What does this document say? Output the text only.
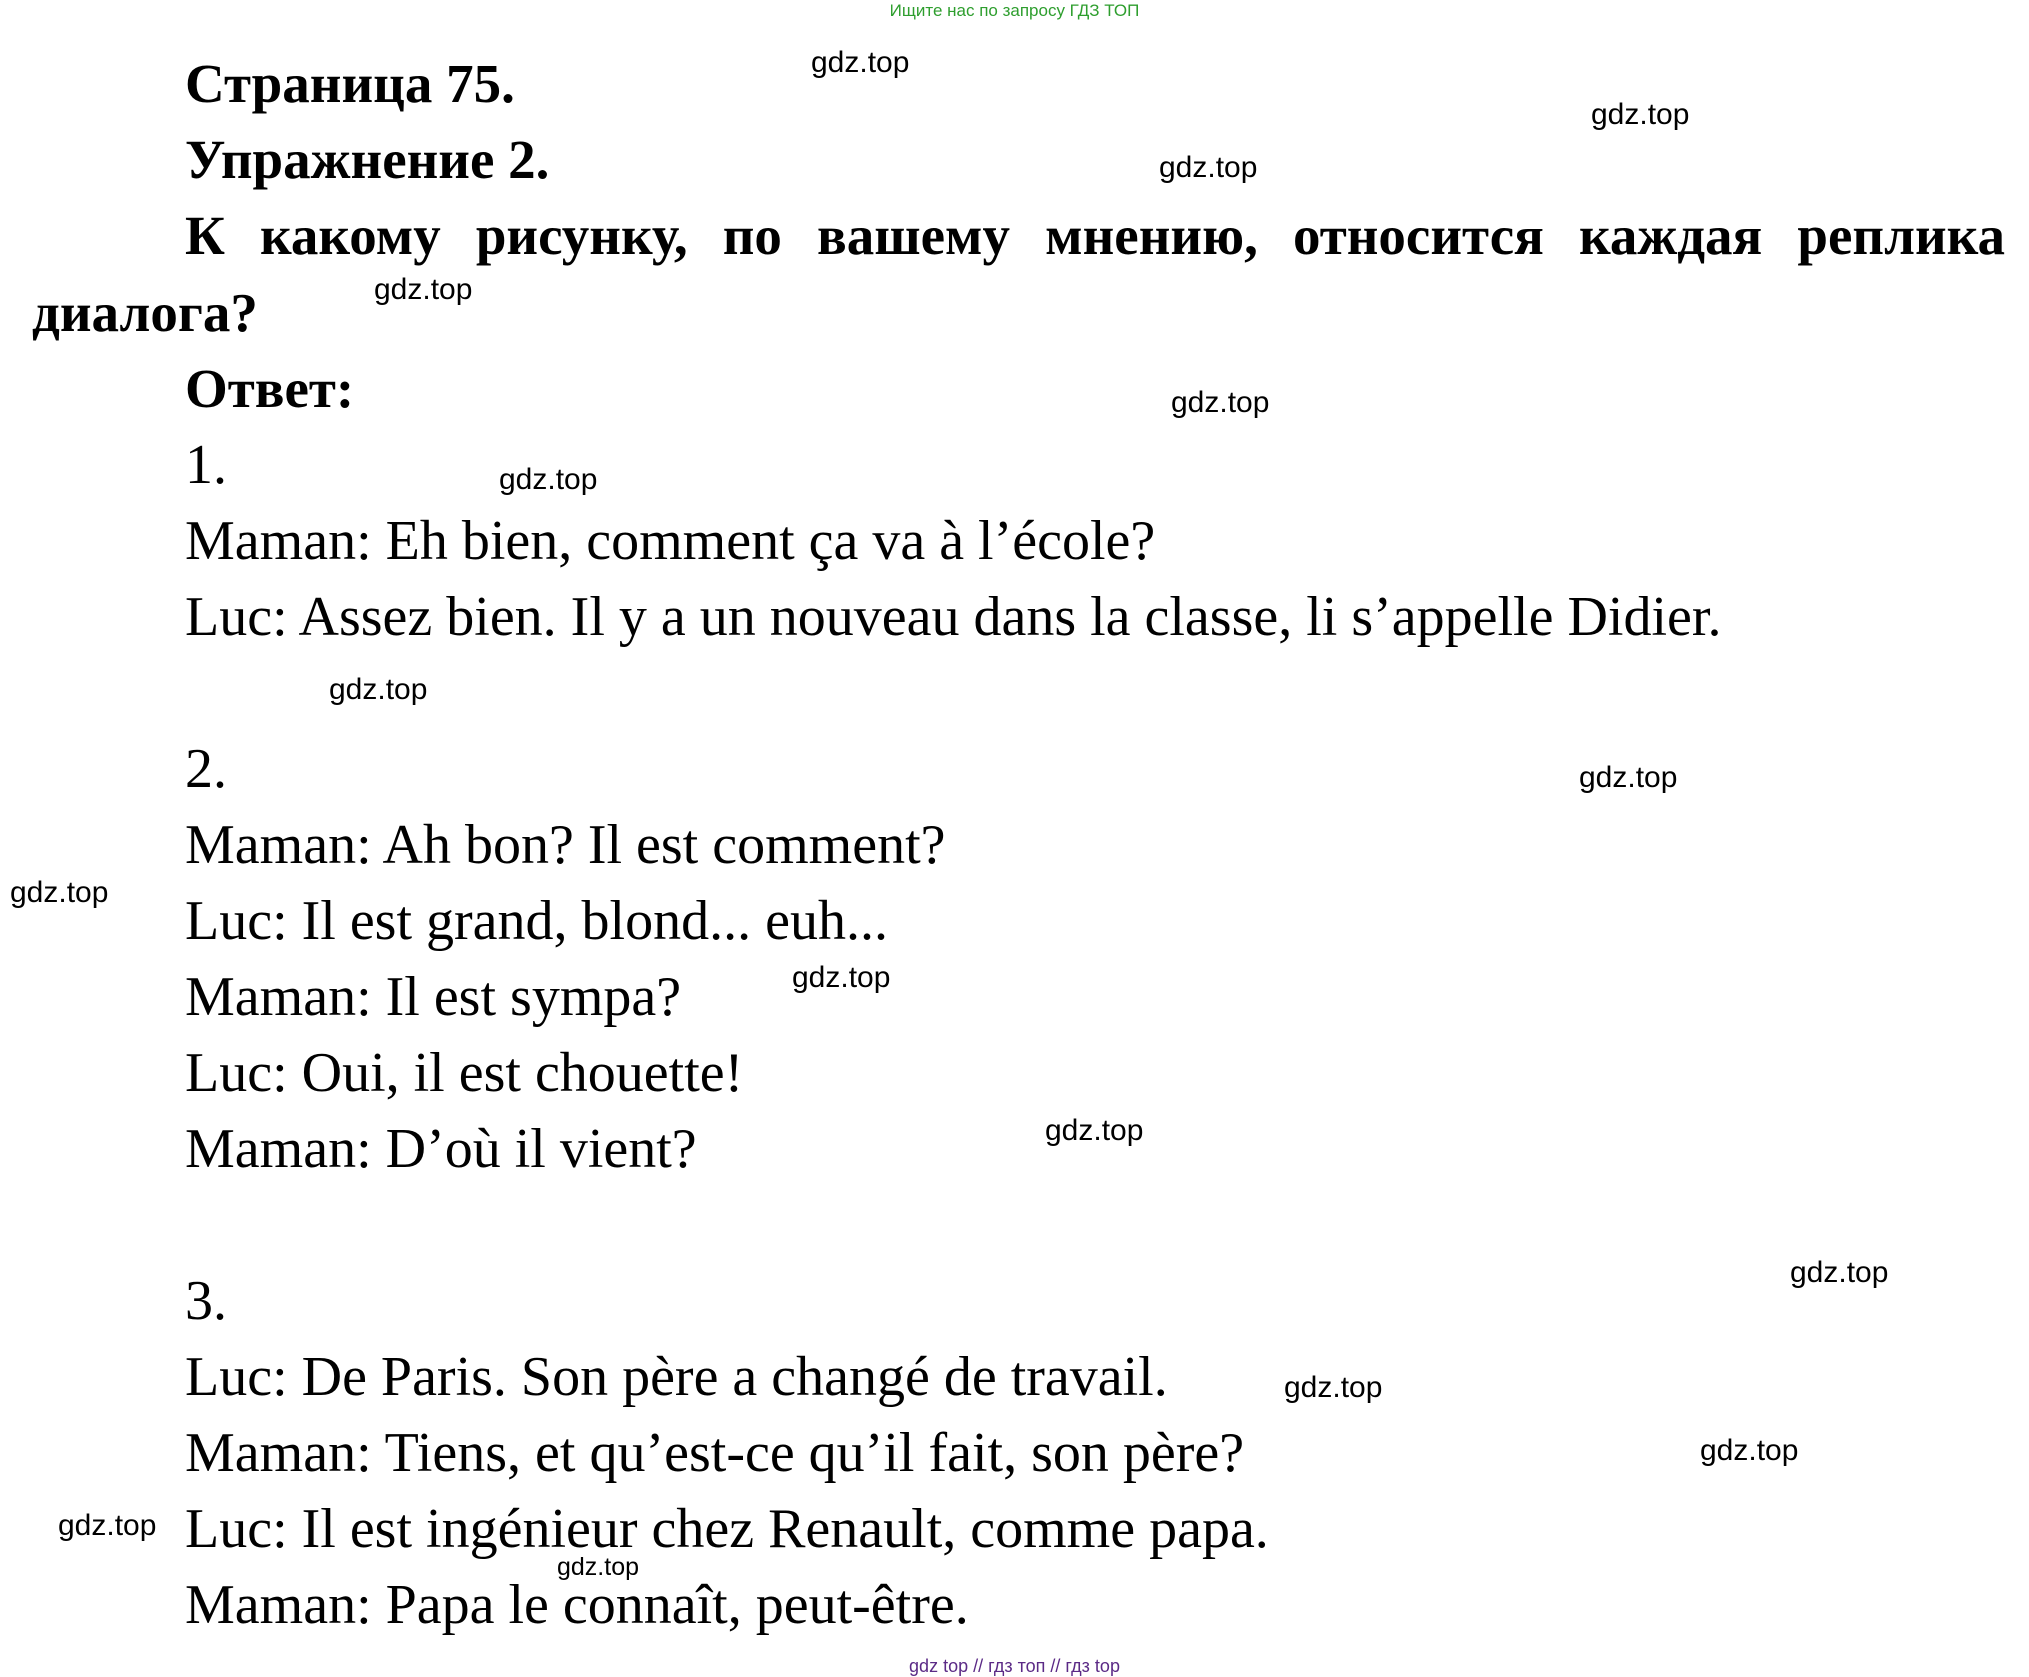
Ищите нас по запросу ГДЗ ТОП
Страница 75.
Упражнение 2.
К какому рисунку, по вашему мнению, относится каждая реплика
диалога?
Ответ:
1.
Maman: Eh bien, comment ça va à l’école?
Luc: Assez bien. Il y a un nouveau dans la classe, li s’appelle Didier.
2.
Maman: Ah bon? Il est comment?
Luc: Il est grand, blond... euh...
Maman: Il est sympa?
Luc: Oui, il est chouette!
Maman: D’où il vient?
3.
Luc: De Paris. Son père a changé de travail.
Maman: Tiens, et qu’est-ce qu’il fait, son père?
Luc: Il est ingénieur chez Renault, comme papa.
Maman: Papa le connaît, peut-être.
gdz.top
gdz.top
gdz.top
gdz.top
gdz.top
gdz.top
gdz.top
gdz.top
gdz.top
gdz.top
gdz.top
gdz.top
gdz.top
gdz.top
gdz.top
gdz.top
gdz top // гдз топ // гдз top
